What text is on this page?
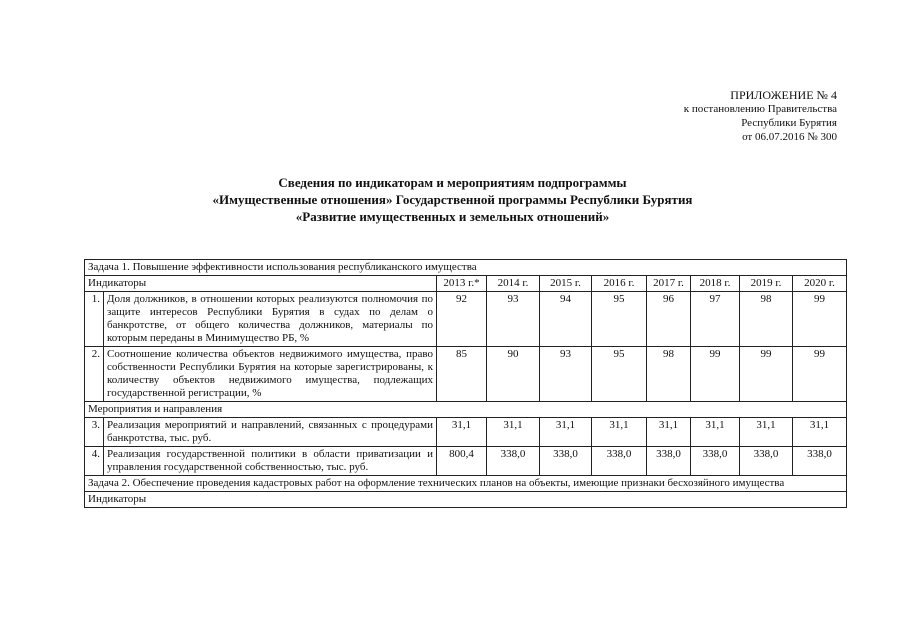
ПРИЛОЖЕНИЕ № 4
к постановлению Правительства
Республики Бурятия
от 06.07.2016 № 300
Сведения по индикаторам и мероприятиям подпрограммы
«Имущественные отношения» Государственной программы Республики Бурятия
«Развитие имущественных и земельных отношений»
Задача 1. Повышение эффективности использования республиканского имущества									
Индикаторы		2013 г.*	2014 г.	2015 г.	2016 г.	2017 г.	2018 г.	2019 г.	2020 г.
1.	Доля должников, в отношении которых реализуются полномочия по защите интересов Республики Бурятия в судах по делам о банкротстве, от общего количества должников, материалы по которым переданы в Минимущество РБ, %	92	93	94	95	96	97	98	99
2.	Соотношение количества объектов недвижимого имущества, право собственности Республики Бурятия на которые зарегистрированы, к количеству объектов недвижимого имущества, подлежащих государственной регистрации, %	85	90	93	95	98	99	99	99
Мероприятия и направления									
3.	Реализация мероприятий и направлений, связанных с процедурами банкротства, тыс. руб.	31,1	31,1	31,1	31,1	31,1	31,1	31,1	31,1
4.	Реализация государственной политики в области приватизации и управления государственной собственностью, тыс. руб.	800,4	338,0	338,0	338,0	338,0	338,0	338,0	338,0
Задача 2. Обеспечение проведения кадастровых работ на оформление технических планов на объекты, имеющие признаки бесхозяйного имущества									
Индикаторы									
